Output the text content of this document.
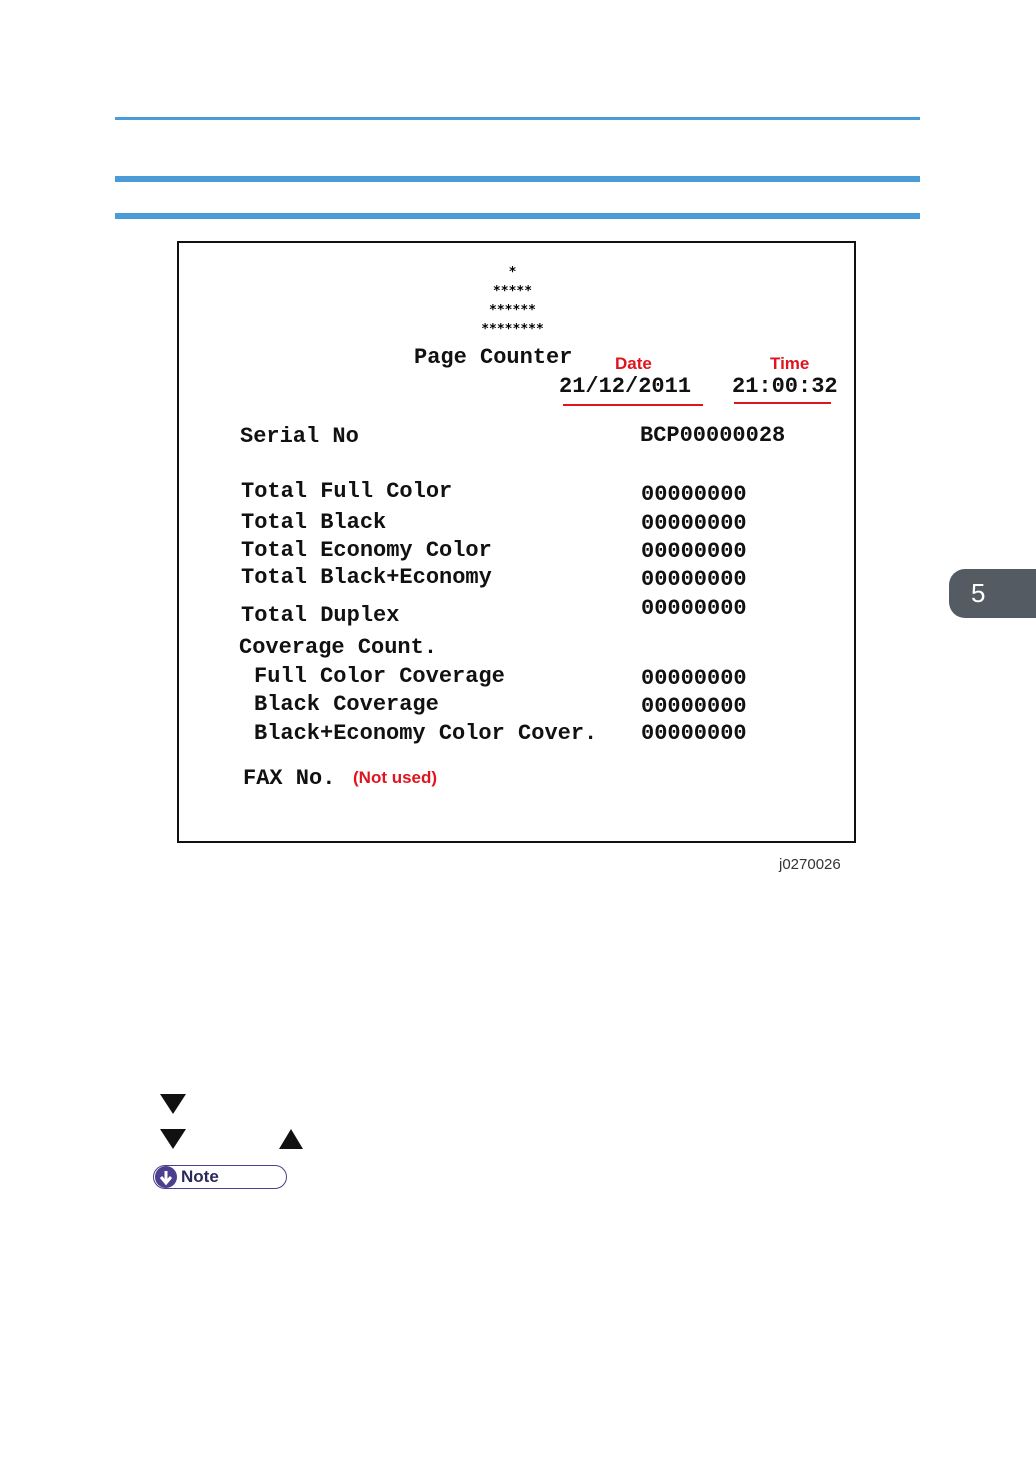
*
*****
******
********
Page Counter	Date	Time
21/12/2011 21:00:32
Serial No	BCP00000028
Total Full Color	00000000
Total Black	00000000
Total Economy Color	00000000
Total Black+Economy	00000000
Total Duplex	00000000
Coverage Count.
Full Color Coverage	00000000
Black Coverage	00000000
Black+Economy Color Cover. 00000000
FAX No. (Not used)
j0270026
5
Note
